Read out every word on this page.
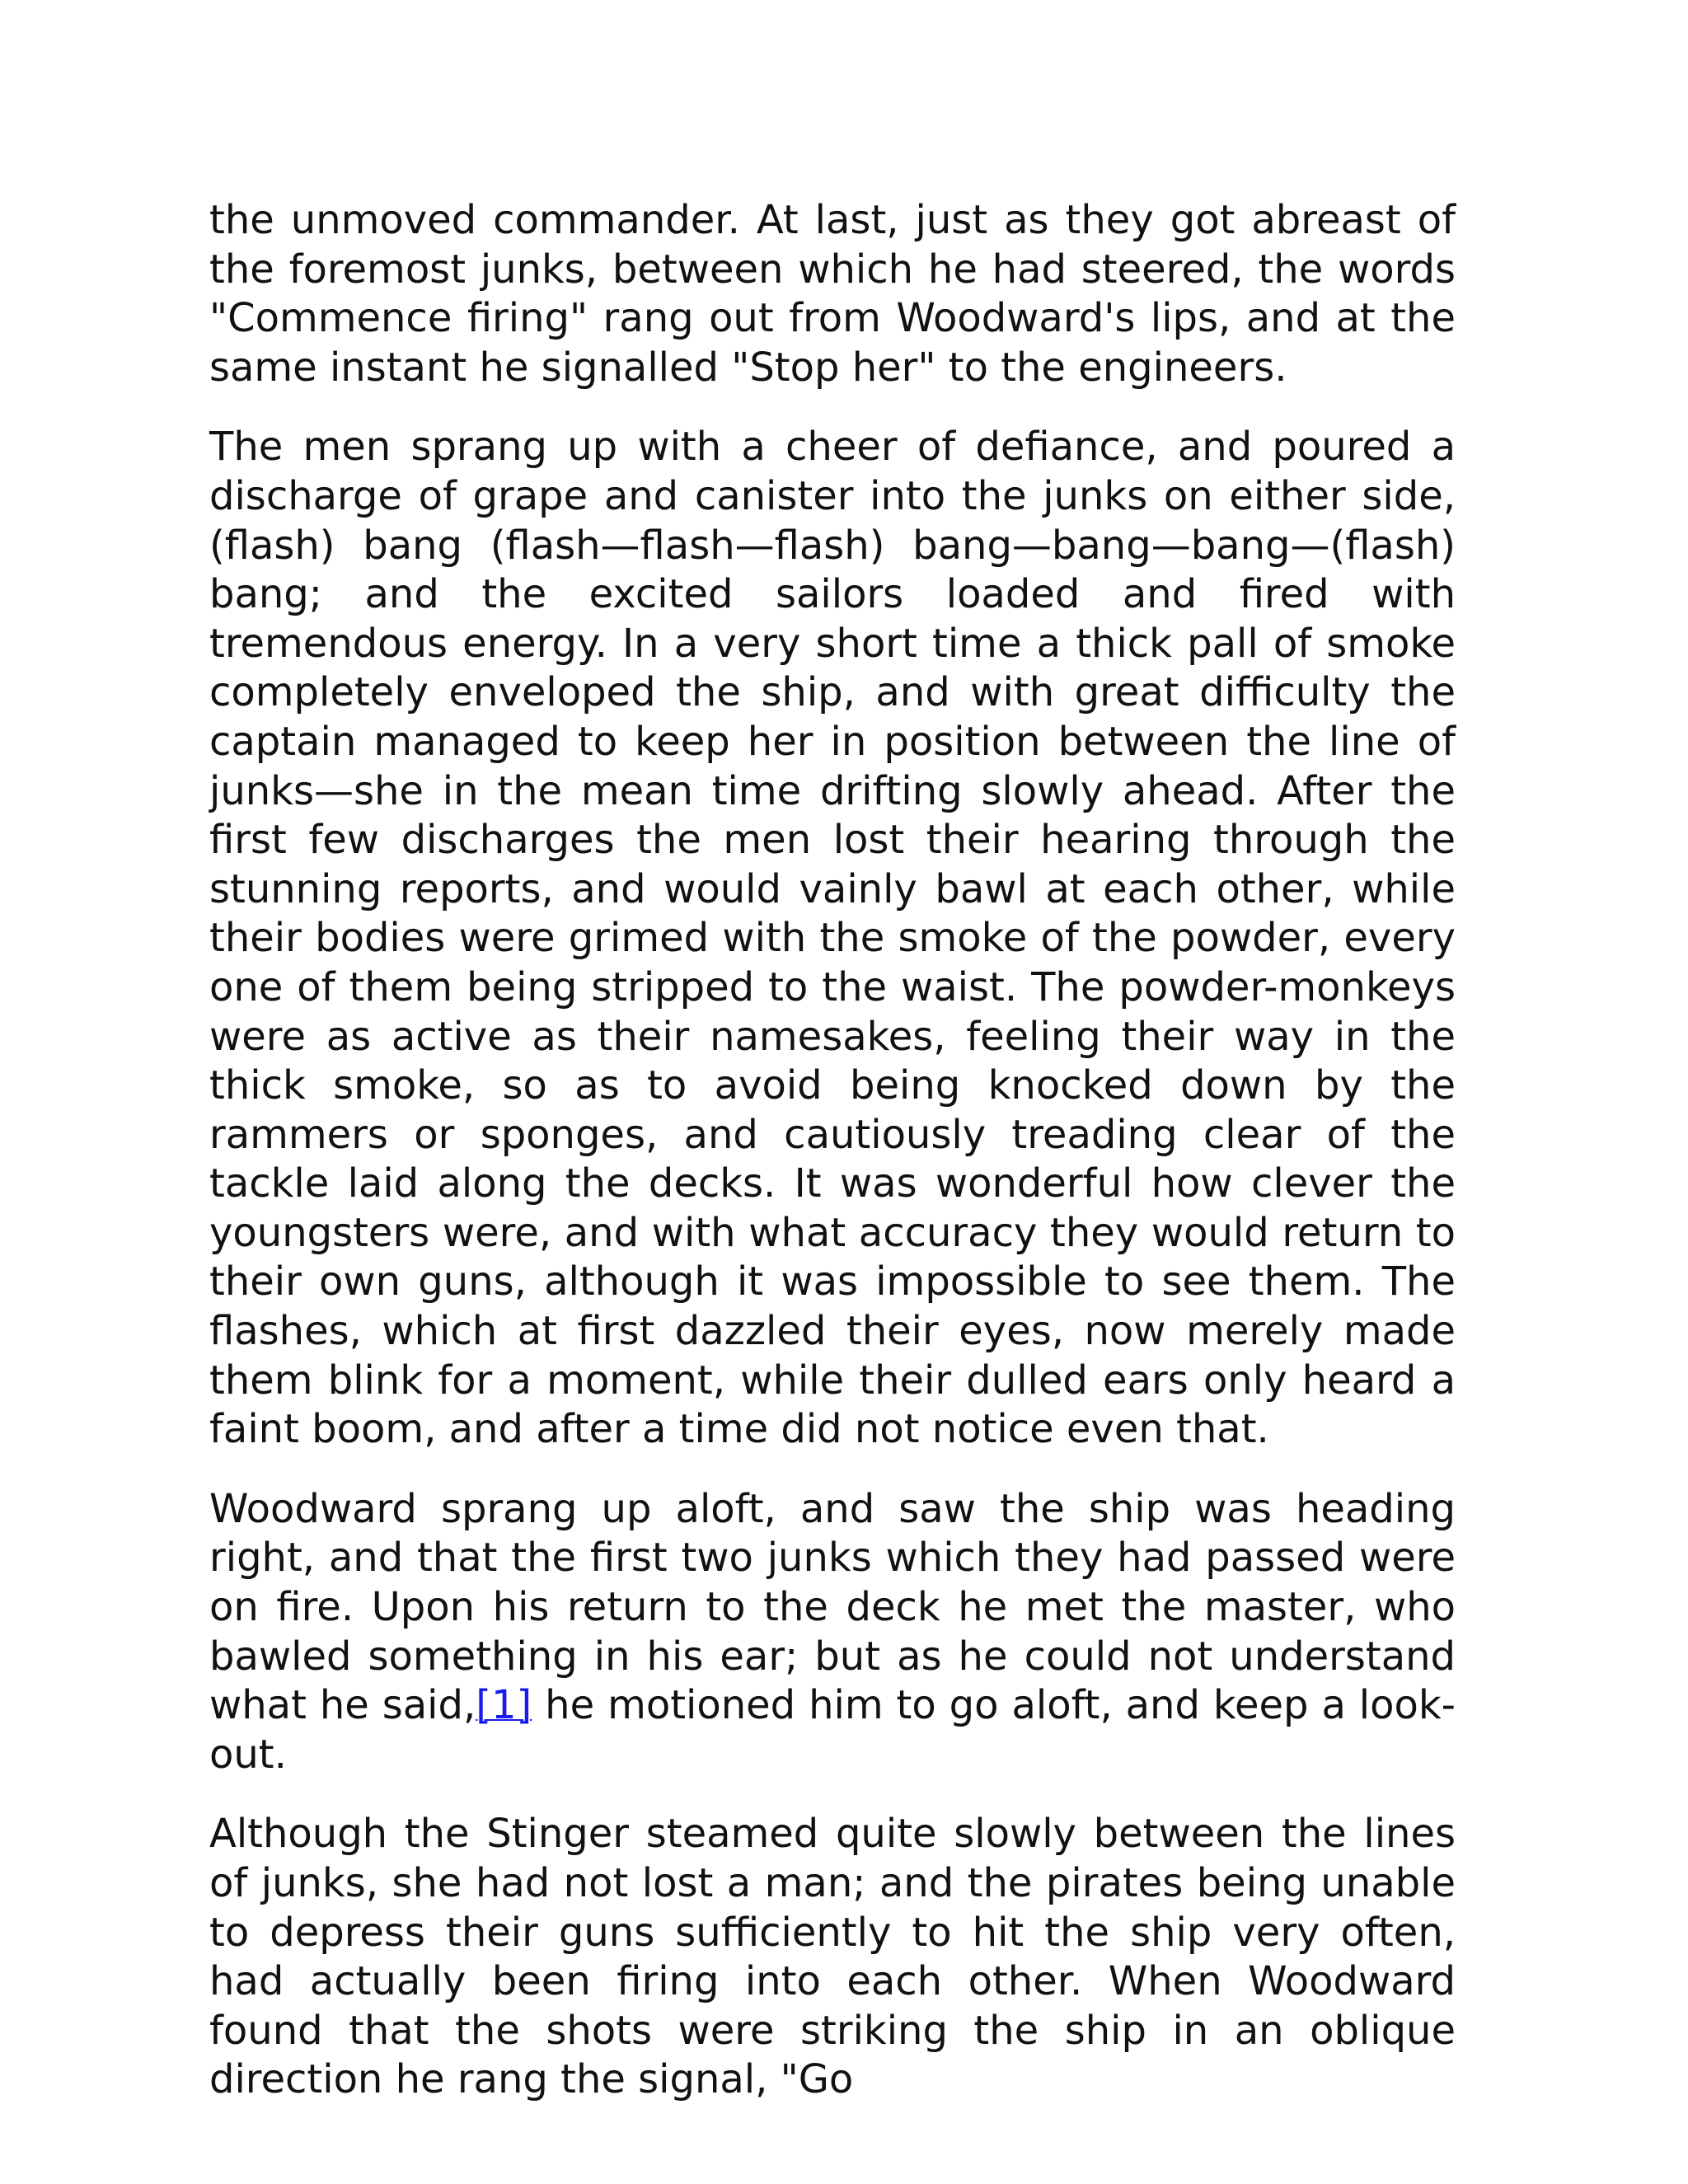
the unmoved commander. At last, just as they got abreast of the foremost junks, between which he had steered, the words "Commence firing" rang out from Woodward's lips, and at the same instant he signalled "Stop her" to the engineers.

The men sprang up with a cheer of defiance, and poured a discharge of grape and canister into the junks on either side, (flash) bang (flash—flash—flash) bang—bang—bang—(flash) bang; and the excited sailors loaded and fired with tremendous energy. In a very short time a thick pall of smoke completely enveloped the ship, and with great difficulty the captain managed to keep her in position between the line of junks—she in the mean time drifting slowly ahead. After the first few discharges the men lost their hearing through the stunning reports, and would vainly bawl at each other, while their bodies were grimed with the smoke of the powder, every one of them being stripped to the waist. The powder-monkeys were as active as their namesakes, feeling their way in the thick smoke, so as to avoid being knocked down by the rammers or sponges, and cautiously treading clear of the tackle laid along the decks. It was wonderful how clever the youngsters were, and with what accuracy they would return to their own guns, although it was impossible to see them. The flashes, which at first dazzled their eyes, now merely made them blink for a moment, while their dulled ears only heard a faint boom, and after a time did not notice even that.

Woodward sprang up aloft, and saw the ship was heading right, and that the first two junks which they had passed were on fire. Upon his return to the deck he met the master, who bawled something in his ear; but as he could not understand what he said,[1] he motioned him to go aloft, and keep a look-out.

Although the Stinger steamed quite slowly between the lines of junks, she had not lost a man; and the pirates being unable to depress their guns sufficiently to hit the ship very often, had actually been firing into each other. When Woodward found that the shots were striking the ship in an oblique direction he rang the signal, "Go
